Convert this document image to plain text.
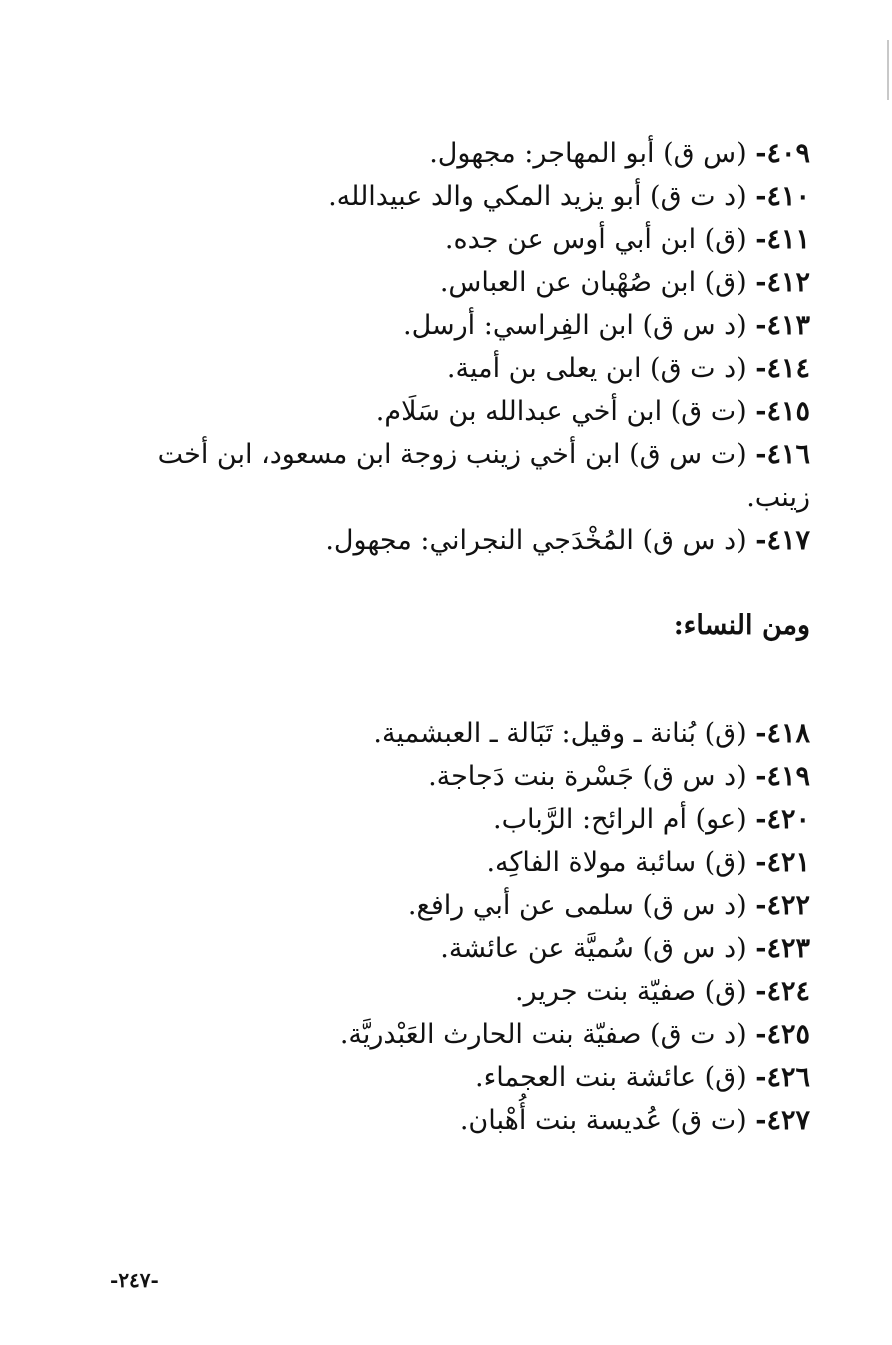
٤٠٩- (س ق) أبو المهاجر: مجهول.

٤١٠- (د ت ق) أبو يزيد المكي والد عبيدالله.

٤١١- (ق) ابن أبي أوس عن جده.

٤١٢- (ق) ابن صُهْبان عن العباس.

٤١٣- (د س ق) ابن الفِراسي: أرسل.

٤١٤- (د ت ق) ابن يعلى بن أمية.

٤١٥- (ت ق) ابن أخي عبدالله بن سَلَام.

٤١٦- (ت س ق) ابن أخي زينب زوجة ابن مسعود، ابن أخت زينب.

٤١٧- (د س ق) المُخْدَجي النجراني: مجهول.

ومن النساء:

٤١٨- (ق) بُنانة ـ وقيل: تَبَالة ـ العبشمية.

٤١٩- (د س ق) جَسْرة بنت دَجاجة.

٤٢٠- (عو) أم الرائح: الرَّباب.

٤٢١- (ق) سائبة مولاة الفاكِه.

٤٢٢- (د س ق) سلمى عن أبي رافع.

٤٢٣- (د س ق) سُميَّة عن عائشة.

٤٢٤- (ق) صفيّة بنت جرير.

٤٢٥- (د ت ق) صفيّة بنت الحارث العَبْدريَّة.

٤٢٦- (ق) عائشة بنت العجماء.

٤٢٧- (ت ق) عُديسة بنت أُهْبان.

-٢٤٧-
